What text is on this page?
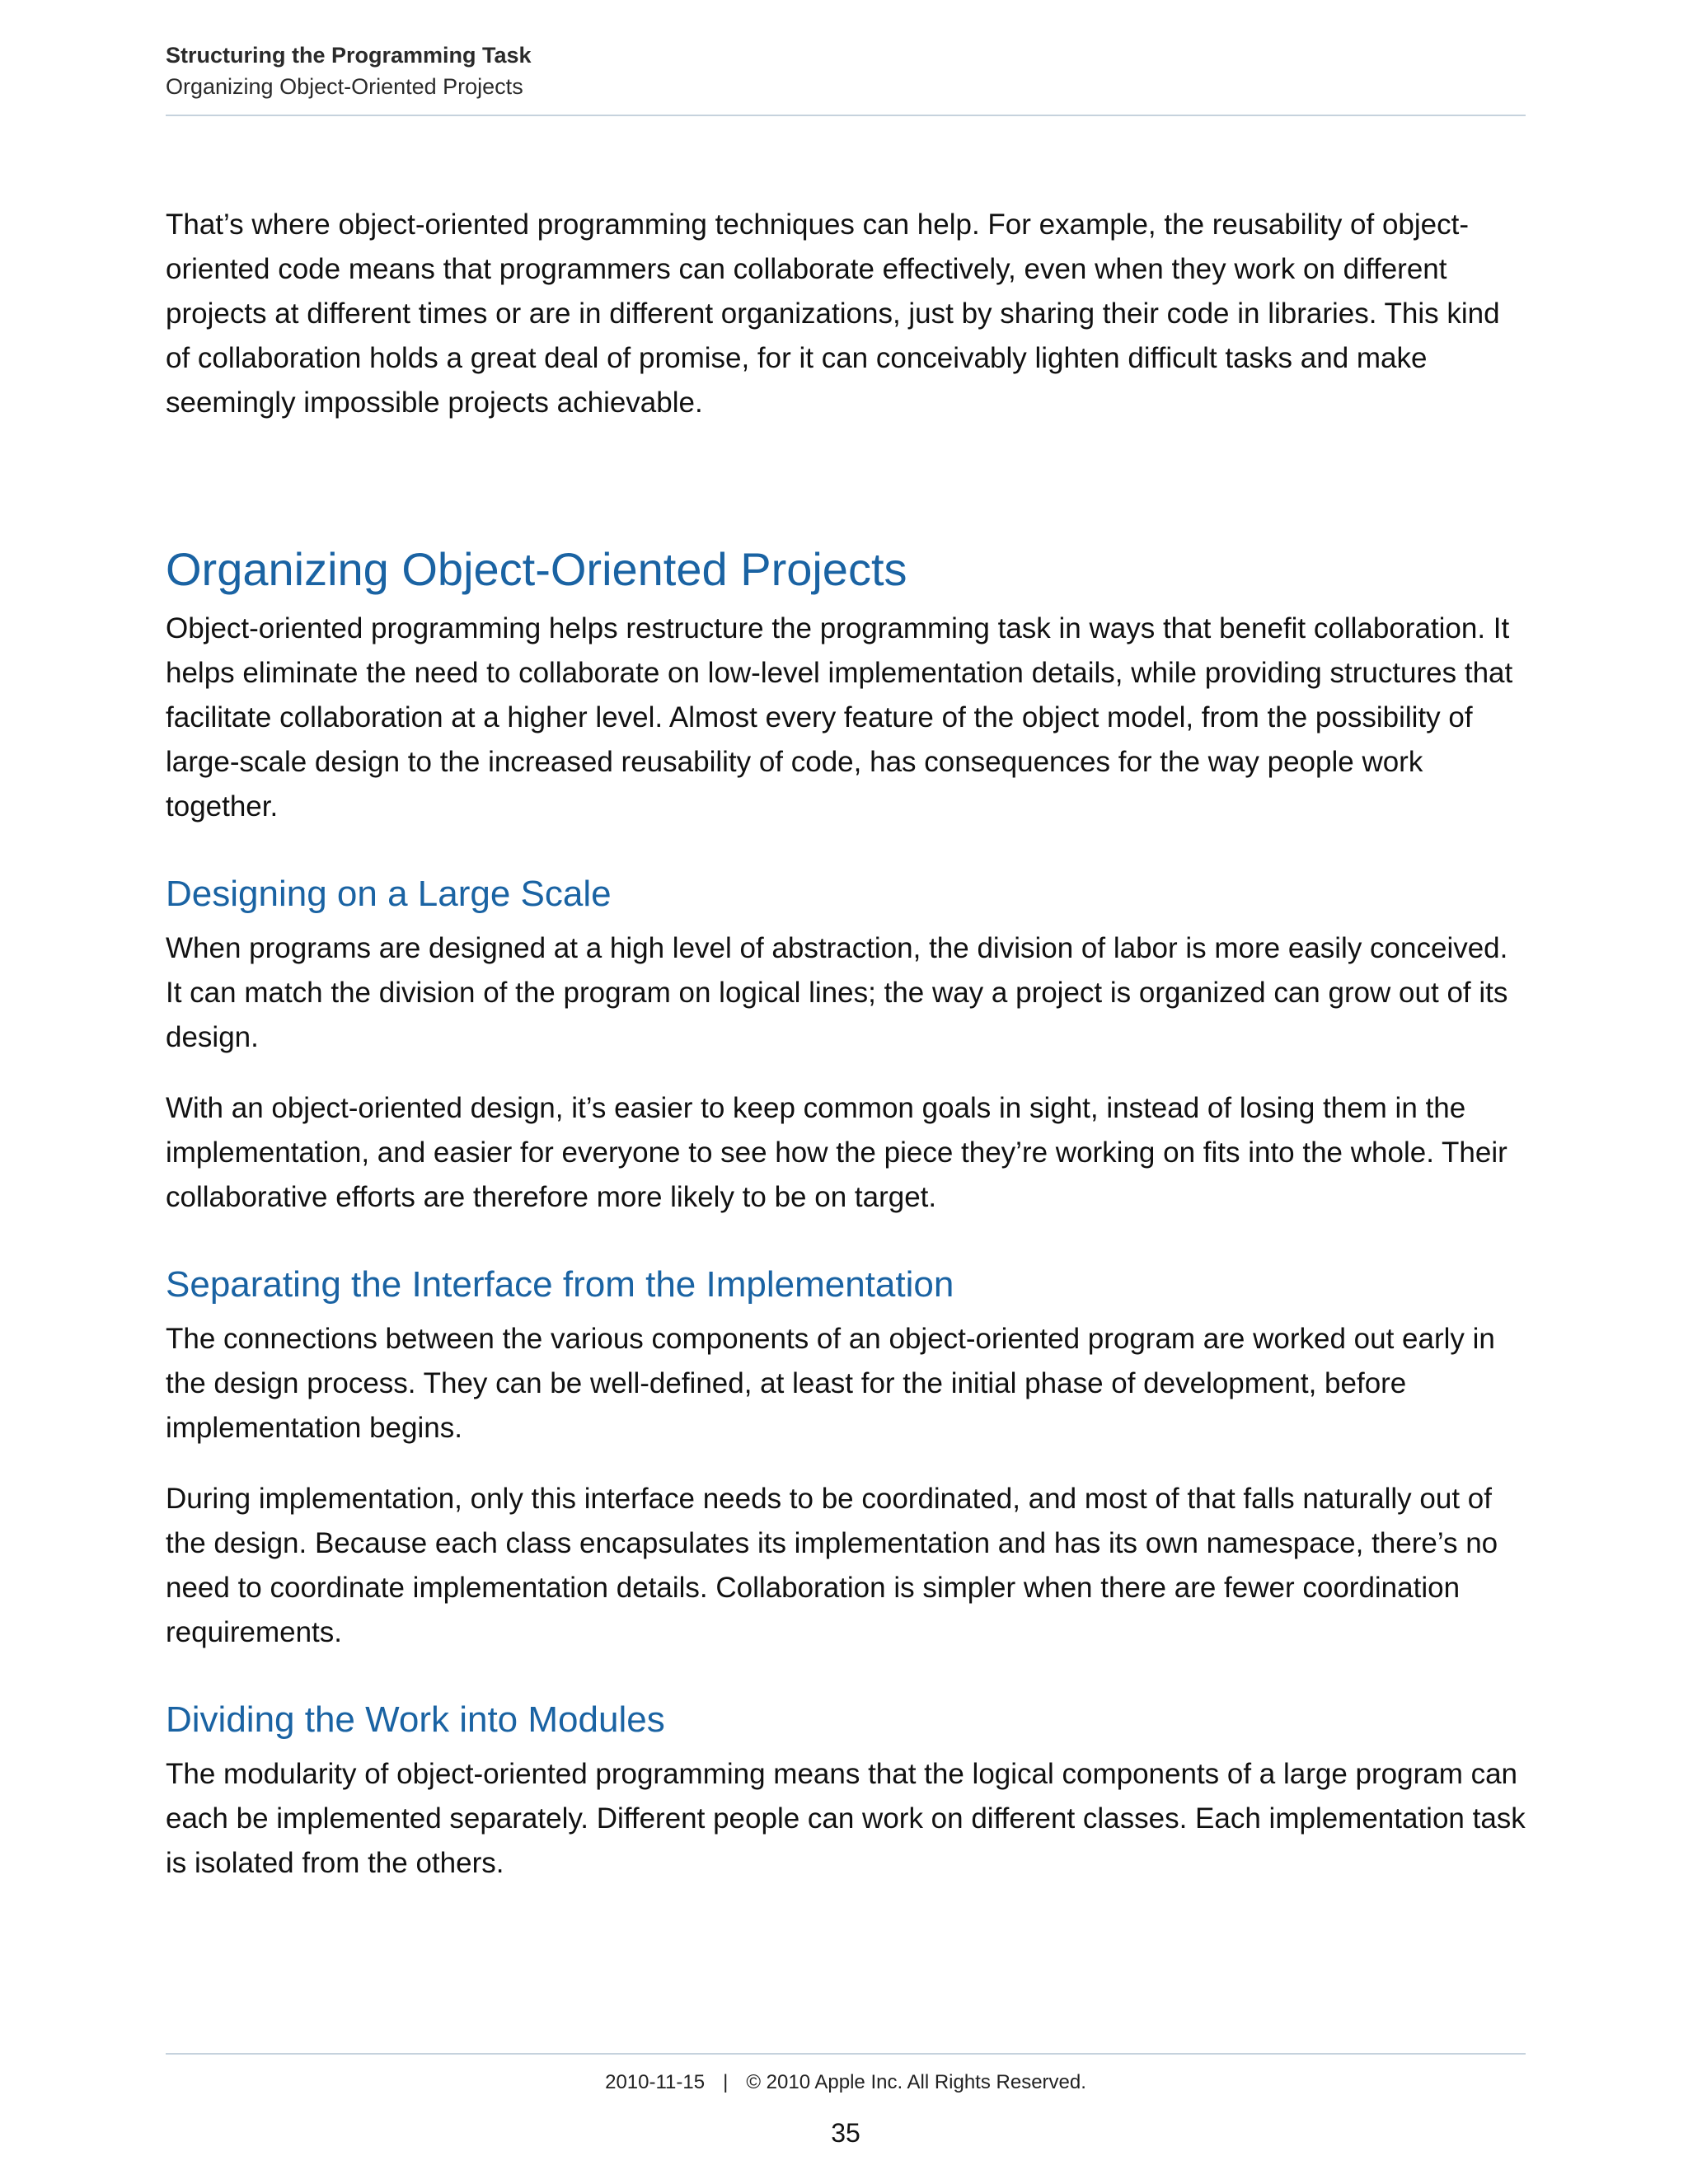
Structuring the Programming Task
Organizing Object-Oriented Projects

That’s where object-oriented programming techniques can help. For example, the reusability of object-oriented code means that programmers can collaborate effectively, even when they work on different projects at different times or are in different organizations, just by sharing their code in libraries. This kind of collaboration holds a great deal of promise, for it can conceivably lighten difficult tasks and make seemingly impossible projects achievable.

Organizing Object-Oriented Projects

Object-oriented programming helps restructure the programming task in ways that benefit collaboration. It helps eliminate the need to collaborate on low-level implementation details, while providing structures that facilitate collaboration at a higher level. Almost every feature of the object model, from the possibility of large-scale design to the increased reusability of code, has consequences for the way people work together.

Designing on a Large Scale

When programs are designed at a high level of abstraction, the division of labor is more easily conceived. It can match the division of the program on logical lines; the way a project is organized can grow out of its design.

With an object-oriented design, it’s easier to keep common goals in sight, instead of losing them in the implementation, and easier for everyone to see how the piece they’re working on fits into the whole. Their collaborative efforts are therefore more likely to be on target.

Separating the Interface from the Implementation

The connections between the various components of an object-oriented program are worked out early in the design process. They can be well-defined, at least for the initial phase of development, before implementation begins.

During implementation, only this interface needs to be coordinated, and most of that falls naturally out of the design. Because each class encapsulates its implementation and has its own namespace, there’s no need to coordinate implementation details. Collaboration is simpler when there are fewer coordination requirements.

Dividing the Work into Modules

The modularity of object-oriented programming means that the logical components of a large program can each be implemented separately. Different people can work on different classes. Each implementation task is isolated from the others.

2010-11-15 | © 2010 Apple Inc. All Rights Reserved.
35
